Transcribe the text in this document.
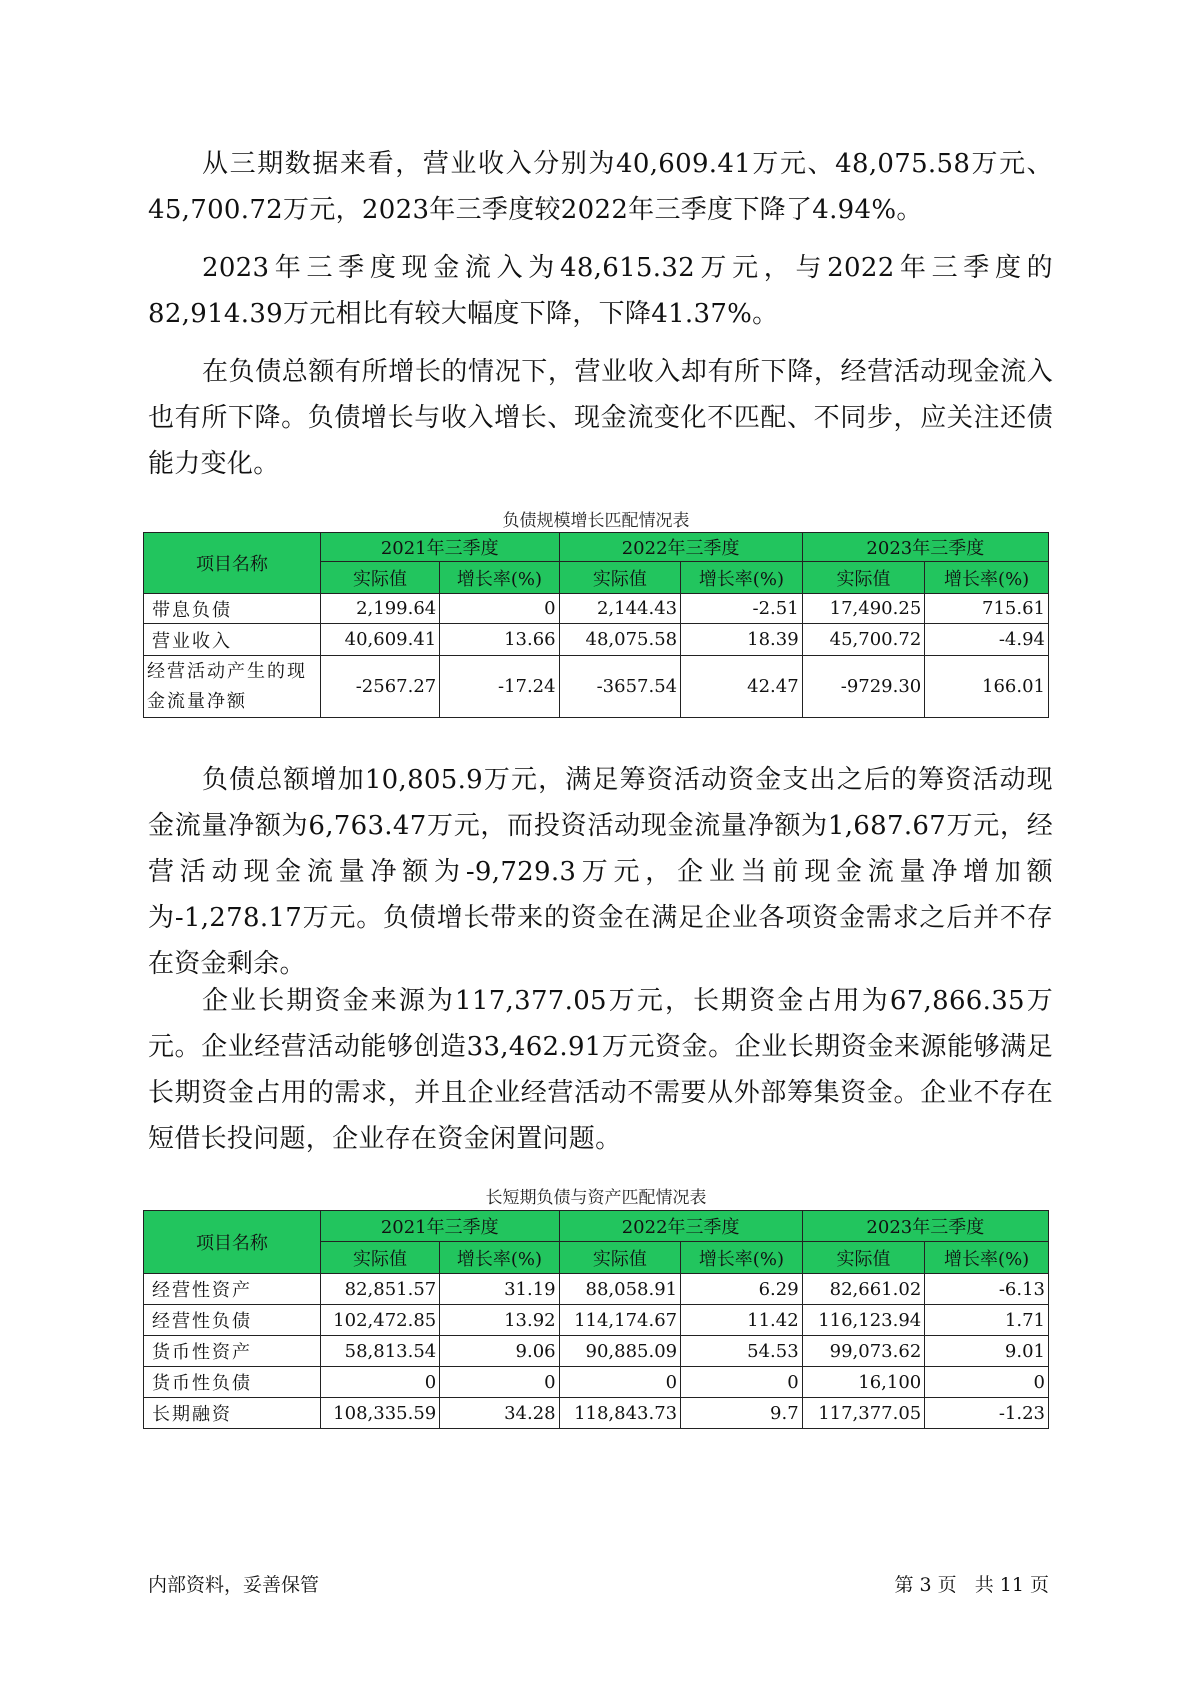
从三期数据来看，营业收入分别为40,609.41万元、48,075.58万元、45,700.72万元，2023年三季度较2022年三季度下降了4.94%。

2023年三季度现金流入为48,615.32万元，与2022年三季度的82,914.39万元相比有较大幅度下降，下降41.37%。

在负债总额有所增长的情况下，营业收入却有所下降，经营活动现金流入也有所下降。负债增长与收入增长、现金流变化不匹配、不同步，应关注还债能力变化。

负债规模增长匹配情况表
项目名称	2021年三季度		2022年三季度		2023年三季度	
	实际值	增长率(%)	实际值	增长率(%)	实际值	增长率(%)
带息负债	2,199.64	0	2,144.43	-2.51	17,490.25	715.61
营业收入	40,609.41	13.66	48,075.58	18.39	45,700.72	-4.94
经营活动产生的现金流量净额	-2567.27	-17.24	-3657.54	42.47	-9729.30	166.01

负债总额增加10,805.9万元，满足筹资活动资金支出之后的筹资活动现金流量净额为6,763.47万元，而投资活动现金流量净额为1,687.67万元，经营活动现金流量净额为-9,729.3万元，企业当前现金流量净增加额为-1,278.17万元。负债增长带来的资金在满足企业各项资金需求之后并不存在资金剩余。

企业长期资金来源为117,377.05万元，长期资金占用为67,866.35万元。企业经营活动能够创造33,462.91万元资金。企业长期资金来源能够满足长期资金占用的需求，并且企业经营活动不需要从外部筹集资金。企业不存在短借长投问题，企业存在资金闲置问题。

长短期负债与资产匹配情况表
项目名称	2021年三季度		2022年三季度		2023年三季度	
	实际值	增长率(%)	实际值	增长率(%)	实际值	增长率(%)
经营性资产	82,851.57	31.19	88,058.91	6.29	82,661.02	-6.13
经营性负债	102,472.85	13.92	114,174.67	11.42	116,123.94	1.71
货币性资产	58,813.54	9.06	90,885.09	54.53	99,073.62	9.01
货币性负债	0	0	0	0	16,100	0
长期融资	108,335.59	34.28	118,843.73	9.7	117,377.05	-1.23
内部资料，妥善保管	第 3 页   共 11 页
